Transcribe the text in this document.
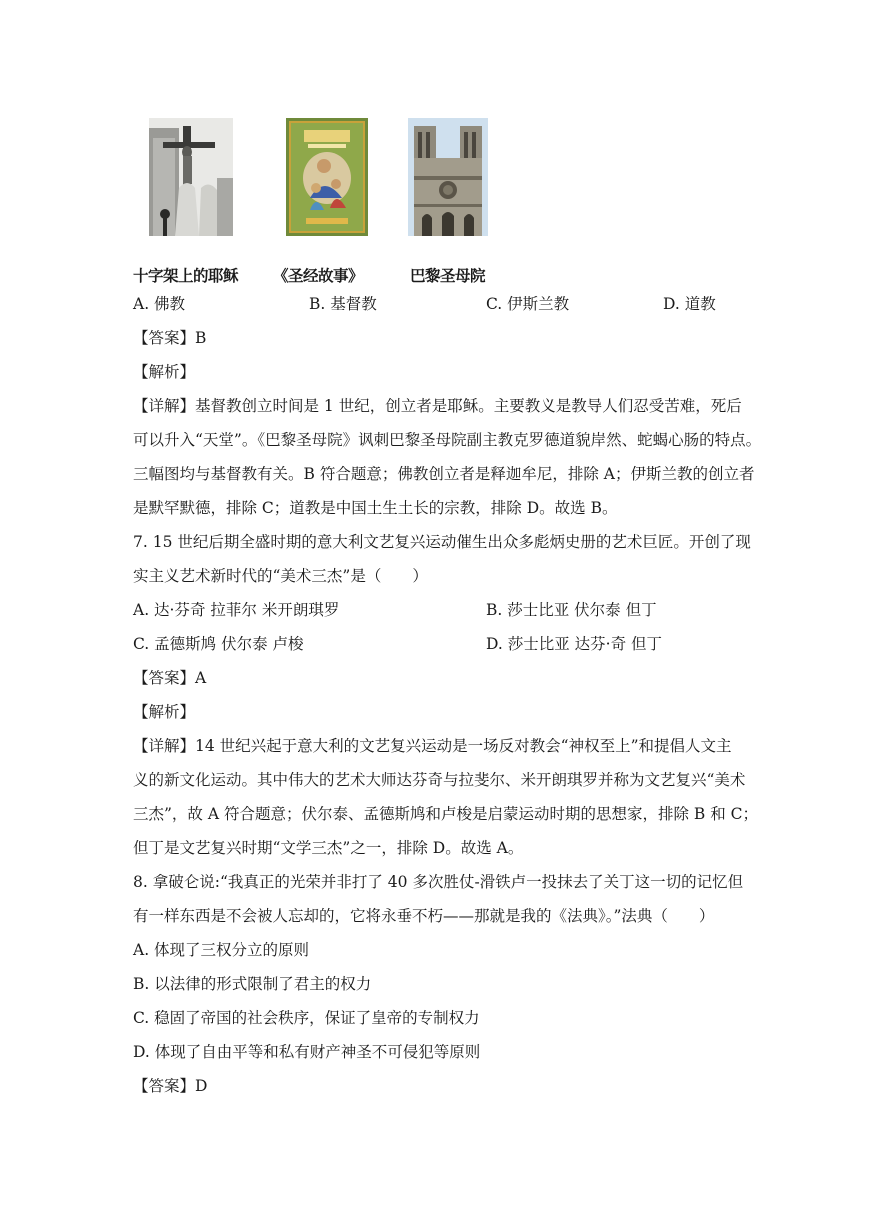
十字架上的耶稣 《圣经故事》	巴黎圣母院
A. 佛教	B. 基督教	C. 伊斯兰教	D. 道教
【答案】B
【解析】
【详解】基督教创立时间是 1 世纪，创立者是耶稣。主要教义是教导人们忍受苦难，死后
可以升入“天堂”。《巴黎圣母院》讽刺巴黎圣母院副主教克罗德道貌岸然、蛇蝎心肠的特点。
三幅图均与基督教有关。B 符合题意；佛教创立者是释迦牟尼，排除 A；伊斯兰教的创立者
是默罕默德，排除 C；道教是中国土生土长的宗教，排除 D。故选 B。
7. 15 世纪后期全盛时期的意大利文艺复兴运动催生出众多彪炳史册的艺术巨匠。开创了现
实主义艺术新时代的“美术三杰”是（　　）
A. 达·芬奇 拉菲尔 米开朗琪罗	B. 莎士比亚 伏尔泰 但丁
C. 孟德斯鸠 伏尔泰 卢梭	D. 莎士比亚 达芬·奇 但丁
【答案】A
【解析】
【详解】14 世纪兴起于意大利的文艺复兴运动是一场反对教会“神权至上”和提倡人文主
义的新文化运动。其中伟大的艺术大师达芬奇与拉斐尔、米开朗琪罗并称为文艺复兴“美术
三杰”，故 A 符合题意；伏尔泰、孟德斯鸠和卢梭是启蒙运动时期的思想家，排除 B 和 C；
但丁是文艺复兴时期“文学三杰”之一，排除 D。故选 A。
8. 拿破仑说:“我真正的光荣并非打了 40 多次胜仗-滑铁卢一投抹去了关丁这一切的记忆但
有一样东西是不会被人忘却的，它将永垂不朽——那就是我的《法典》。”法典（　　）
A. 体现了三权分立的原则
B. 以法律的形式限制了君主的权力
C. 稳固了帝国的社会秩序，保证了皇帝的专制权力
D. 体现了自由平等和私有财产神圣不可侵犯等原则
【答案】D
